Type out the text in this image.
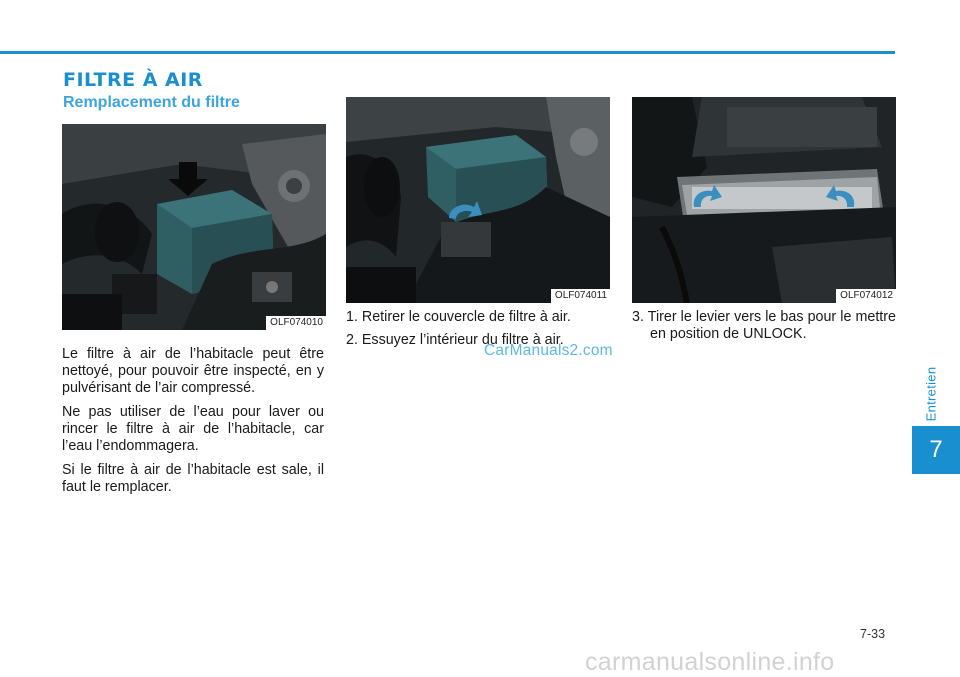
FILTRE À AIR
Remplacement du filtre
OLF074010
OLF074011	OLF074012

Le filtre à air de l’habitacle peut être nettoyé, pour pouvoir être inspecté, en y pulvérisant de l’air compressé.

Ne pas utiliser de l’eau pour laver ou rincer le filtre à air de l’habitacle, car l’eau l’endommagera.

Si le filtre à air de l’habitacle est sale, il faut le remplacer.

1. Retirer le couvercle de filtre à air.
2. Essuyez l’intérieur du filtre à air.
3. Tirer le levier vers le bas pour le mettre en position de UNLOCK.

CarManuals2.com

Entretien
7

7-33

carmanualsonline.info
